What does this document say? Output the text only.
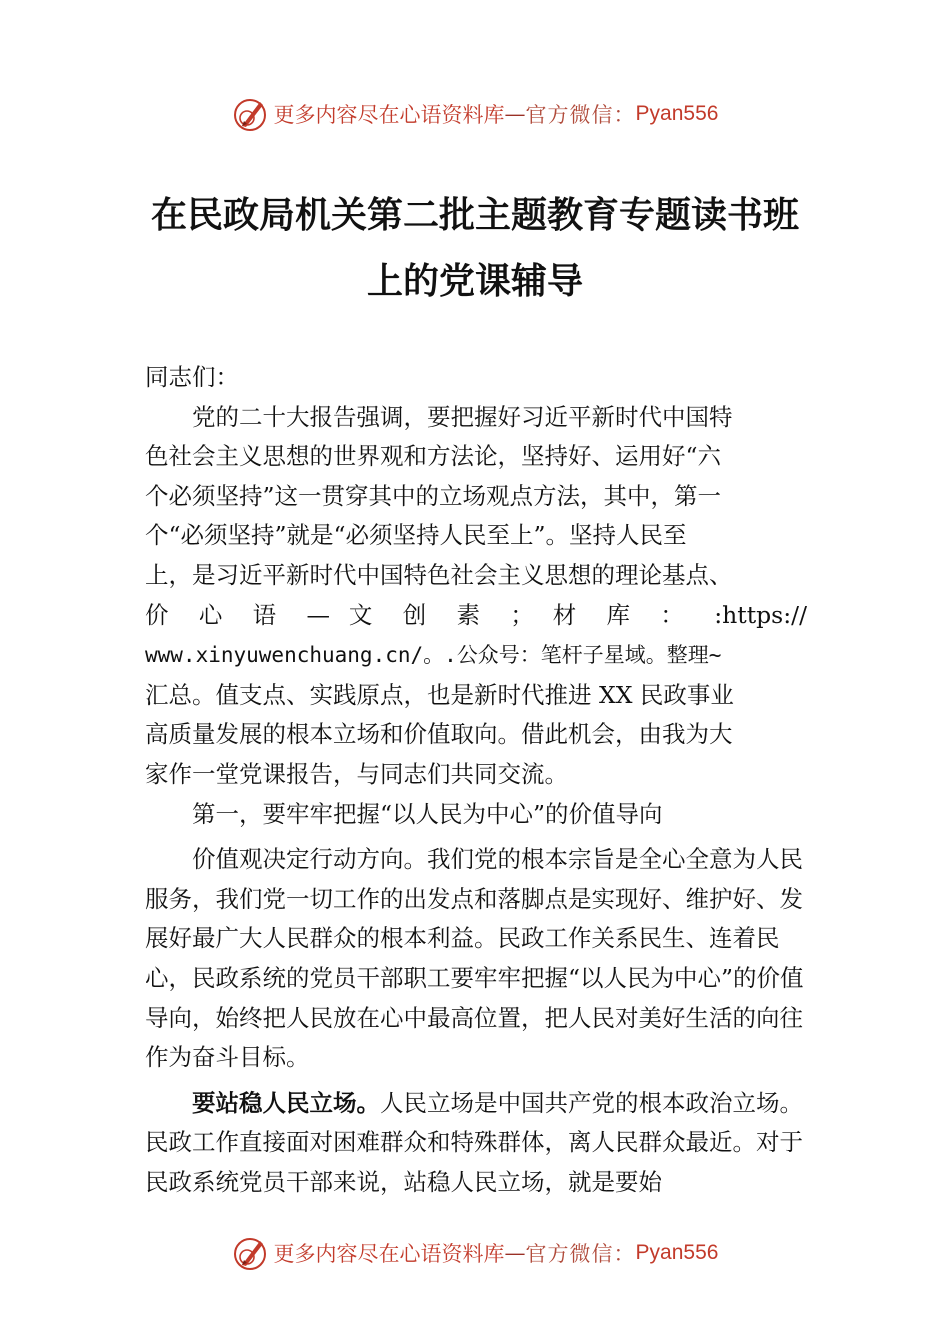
更多内容尽在心语资料库 — 官方微信： Pyan556
在民政局机关第二批主题教育专题读书班
上的党课辅导

同志们：

党的二十大报告强调，要把握好习近平新时代中国特

色社会主义思想的世界观和方法论，坚持好、运用好“六

个必须坚持”这一贯穿其中的立场观点方法，其中，第一

个“必须坚持”就是“必须坚持人民至上”。坚持人民至

上，是习近平新时代中国特色社会主义思想的理论基点、

价 心 语 — 文 创 素 ； 材 库 ： :https://

www.xinyuwenchuang.cn/。.公众号：笔杆子星域。整理~

汇总。值支点、实践原点，也是新时代推进 XX 民政事业

高质量发展的根本立场和价值取向。借此机会，由我为大

家作一堂党课报告，与同志们共同交流。

第一，要牢牢把握“以人民为中心”的价值导向

价值观决定行动方向。我们党的根本宗旨是全心全意为人民服务，我们党一切工作的出发点和落脚点是实现好、维护好、发展好最广大人民群众的根本利益。民政工作关系民生、连着民心，民政系统的党员干部职工要牢牢把握“以人民为中心”的价值导向，始终把人民放在心中最高位置，把人民对美好生活的向往作为奋斗目标。

要站稳人民立场。人民立场是中国共产党的根本政治立场。民政工作直接面对困难群众和特殊群体，离人民群众最近。对于民政系统党员干部来说，站稳人民立场，就是要始

更多内容尽在心语资料库 — 官方微信： Pyan556
